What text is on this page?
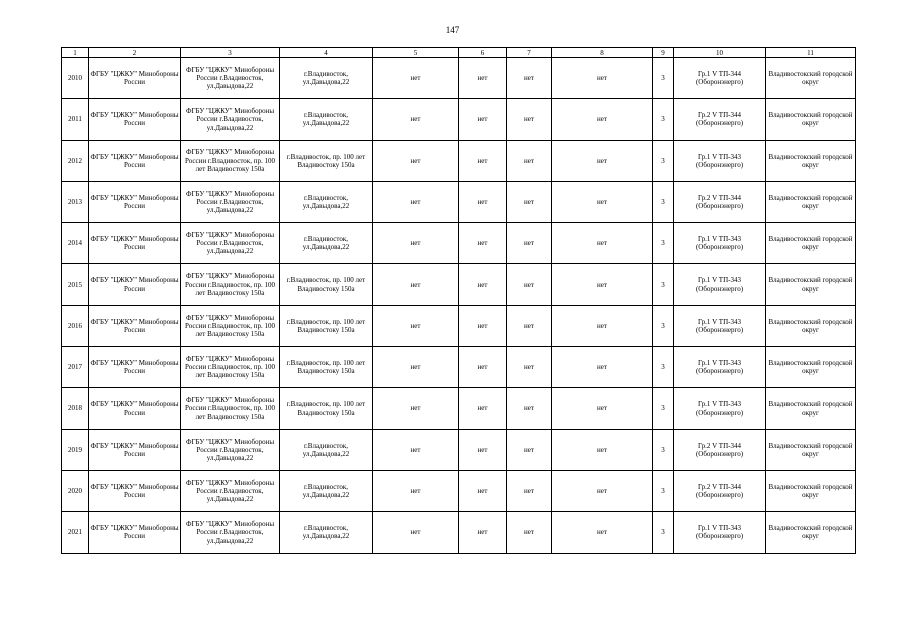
147
1	2	3	4	5	6	7	8	9	10	11
2010	ФГБУ "ЦЖКУ" Минобороны России	ФГБУ "ЦЖКУ" Минобороны России г.Владивосток, ул.Давыдова,22	г.Владивосток, ул.Давыдова,22	нет	нет	нет	нет	3	Гр.1 V ТП-344 (Оборонэнерго)	Владивостокский городской округ
2011	ФГБУ "ЦЖКУ" Минобороны России	ФГБУ "ЦЖКУ" Минобороны России г.Владивосток, ул.Давыдова,22	г.Владивосток, ул.Давыдова,22	нет	нет	нет	нет	3	Гр.2 V ТП-344 (Оборонэнерго)	Владивостокский городской округ
2012	ФГБУ "ЦЖКУ" Минобороны России	ФГБУ "ЦЖКУ" Минобороны России г.Владивосток, пр. 100 лет Владивостоку 150а	г.Владивосток, пр. 100 лет Владивостоку 150а	нет	нет	нет	нет	3	Гр.1 V ТП-343 (Оборонэнерго)	Владивостокский городской округ
2013	ФГБУ "ЦЖКУ" Минобороны России	ФГБУ "ЦЖКУ" Минобороны России г.Владивосток, ул.Давыдова,22	г.Владивосток, ул.Давыдова,22	нет	нет	нет	нет	3	Гр.2 V ТП-344 (Оборонэнерго)	Владивостокский городской округ
2014	ФГБУ "ЦЖКУ" Минобороны России	ФГБУ "ЦЖКУ" Минобороны России г.Владивосток, ул.Давыдова,22	г.Владивосток, ул.Давыдова,22	нет	нет	нет	нет	3	Гр.1 V ТП-343 (Оборонэнерго)	Владивостокский городской округ
2015	ФГБУ "ЦЖКУ" Минобороны России	ФГБУ "ЦЖКУ" Минобороны России г.Владивосток, пр. 100 лет Владивостоку 150а	г.Владивосток, пр. 100 лет Владивостоку 150а	нет	нет	нет	нет	3	Гр.1 V ТП-343 (Оборонэнерго)	Владивостокский городской округ
2016	ФГБУ "ЦЖКУ" Минобороны России	ФГБУ "ЦЖКУ" Минобороны России г.Владивосток, пр. 100 лет Владивостоку 150а	г.Владивосток, пр. 100 лет Владивостоку 150а	нет	нет	нет	нет	3	Гр.1 V ТП-343 (Оборонэнерго)	Владивостокский городской округ
2017	ФГБУ "ЦЖКУ" Минобороны России	ФГБУ "ЦЖКУ" Минобороны России г.Владивосток, пр. 100 лет Владивостоку 150а	г.Владивосток, пр. 100 лет Владивостоку 150а	нет	нет	нет	нет	3	Гр.1 V ТП-343 (Оборонэнерго)	Владивостокский городской округ
2018	ФГБУ "ЦЖКУ" Минобороны России	ФГБУ "ЦЖКУ" Минобороны России г.Владивосток, пр. 100 лет Владивостоку 150а	г.Владивосток, пр. 100 лет Владивостоку 150а	нет	нет	нет	нет	3	Гр.1 V ТП-343 (Оборонэнерго)	Владивостокский городской округ
2019	ФГБУ "ЦЖКУ" Минобороны России	ФГБУ "ЦЖКУ" Минобороны России г.Владивосток, ул.Давыдова,22	г.Владивосток, ул.Давыдова,22	нет	нет	нет	нет	3	Гр.2 V ТП-344 (Оборонэнерго)	Владивостокский городской округ
2020	ФГБУ "ЦЖКУ" Минобороны России	ФГБУ "ЦЖКУ" Минобороны России г.Владивосток, ул.Давыдова,22	г.Владивосток, ул.Давыдова,22	нет	нет	нет	нет	3	Гр.2 V ТП-344 (Оборонэнерго)	Владивостокский городской округ
2021	ФГБУ "ЦЖКУ" Минобороны России	ФГБУ "ЦЖКУ" Минобороны России г.Владивосток, ул.Давыдова,22	г.Владивосток, ул.Давыдова,22	нет	нет	нет	нет	3	Гр.1 V ТП-343 (Оборонэнерго)	Владивостокский городской округ
